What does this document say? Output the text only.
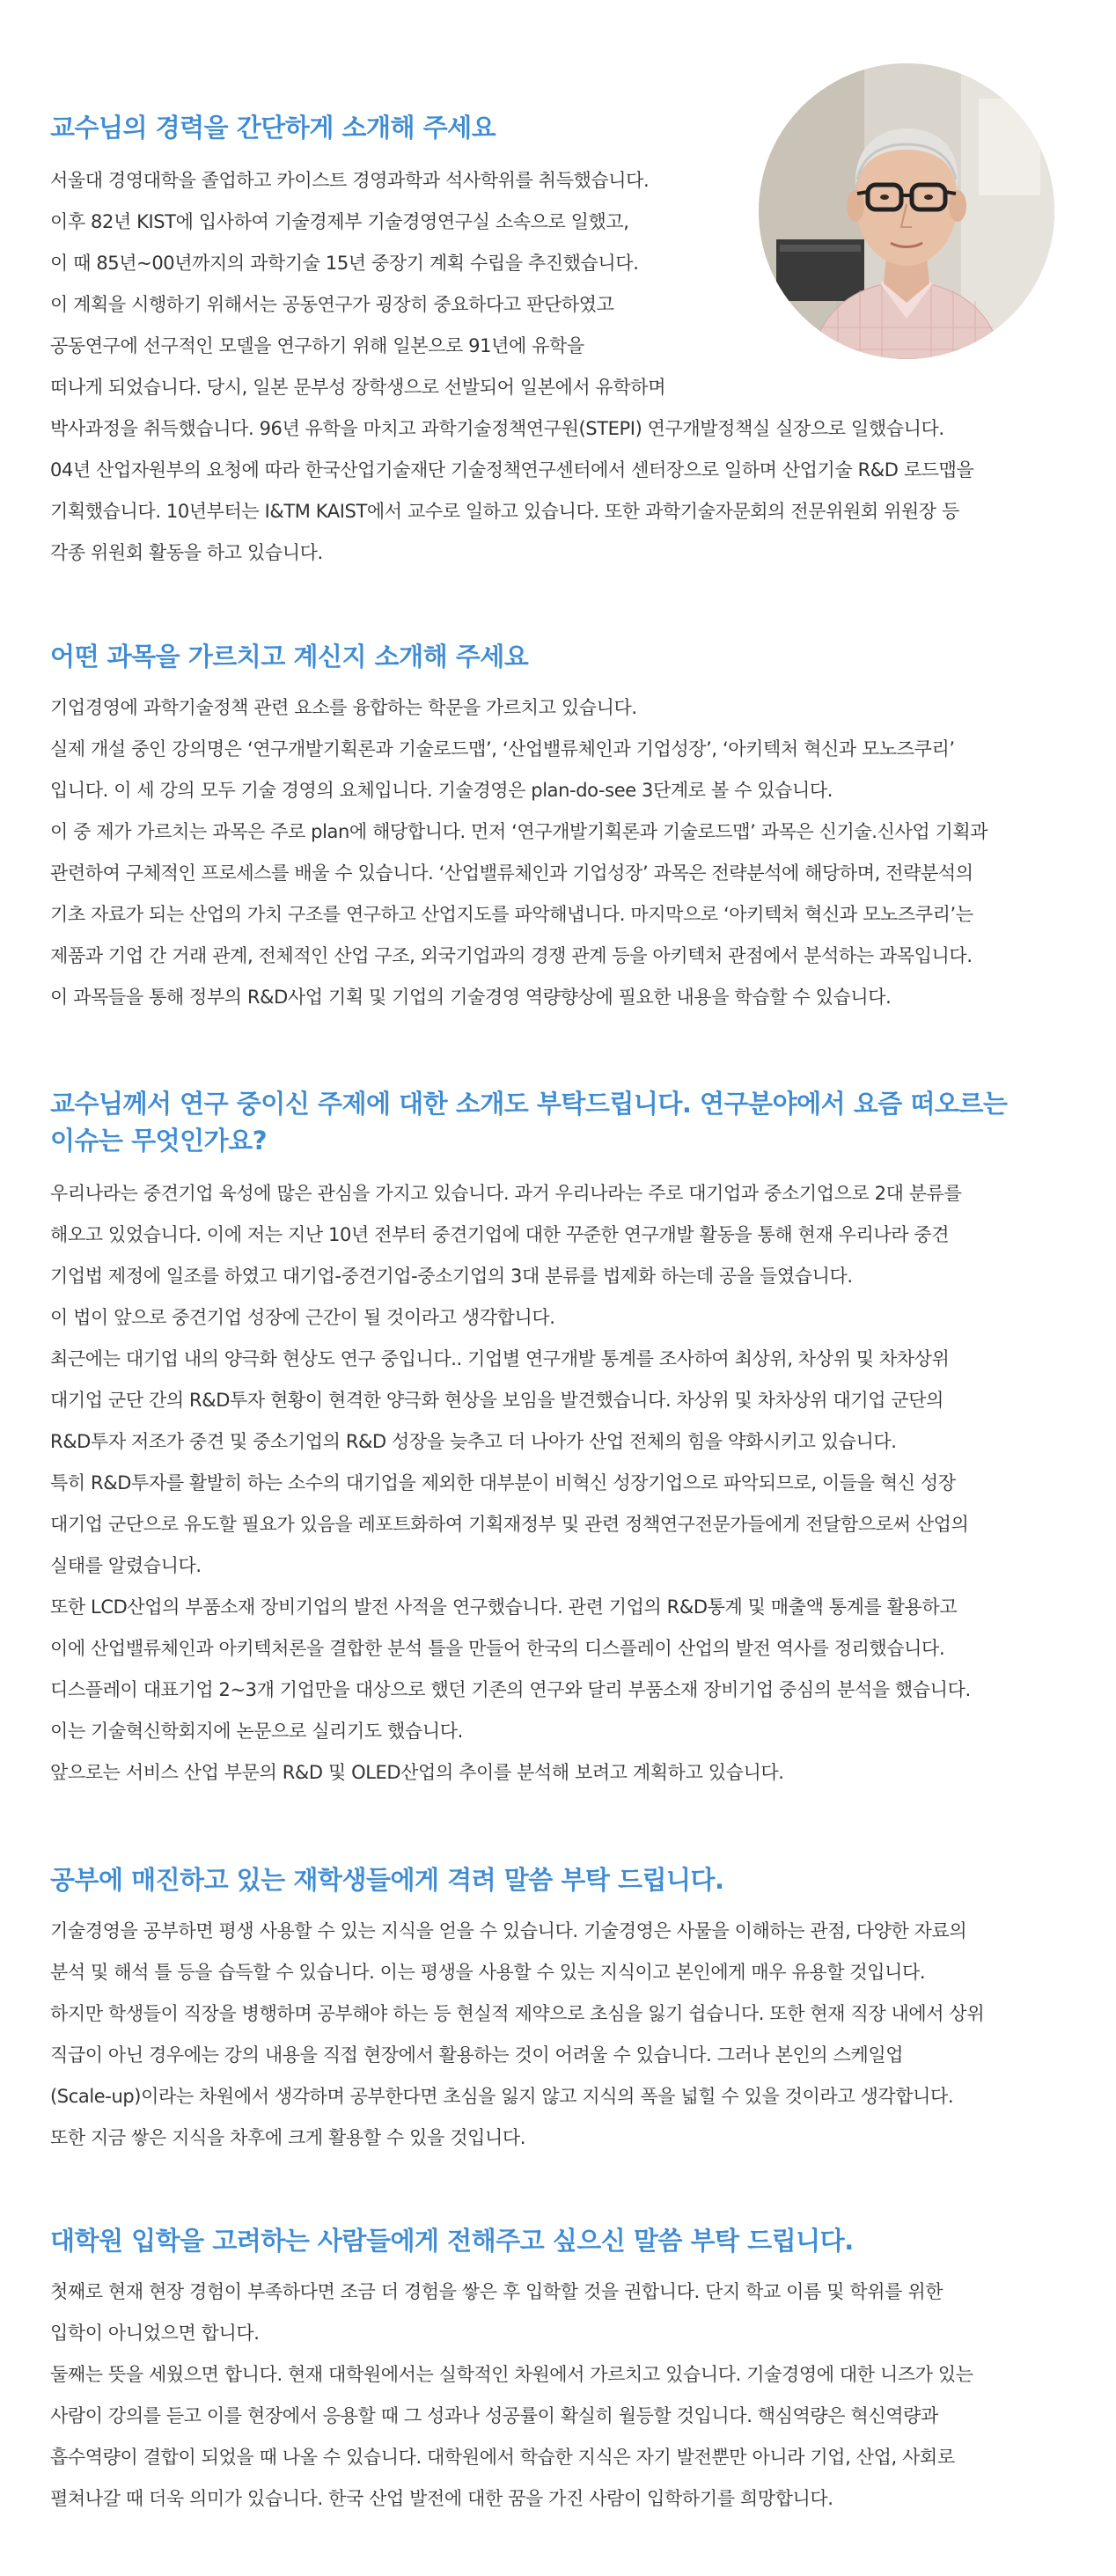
교수님의 경력을 간단하게 소개해 주세요

서울대 경영대학을 졸업하고 카이스트 경영과학과 석사학위를 취득했습니다.

이후 82년 KIST에 입사하여 기술경제부 기술경영연구실 소속으로 일했고,

이 때 85년~00년까지의 과학기술 15년 중장기 계획 수립을 추진했습니다.

이 계획을 시행하기 위해서는 공동연구가 굉장히 중요하다고 판단하였고

공동연구에 선구적인 모델을 연구하기 위해 일본으로 91년에 유학을

떠나게 되었습니다. 당시, 일본 문부성 장학생으로 선발되어 일본에서 유학하며

박사과정을 취득했습니다. 96년 유학을 마치고 과학기술정책연구원(STEPI) 연구개발정책실 실장으로 일했습니다.

04년 산업자원부의 요청에 따라 한국산업기술재단 기술정책연구센터에서 센터장으로 일하며 산업기술 R&D 로드맵을

기획했습니다. 10년부터는 I&TM KAIST에서 교수로 일하고 있습니다. 또한 과학기술자문회의 전문위원회 위원장 등

각종 위원회 활동을 하고 있습니다.

어떤 과목을 가르치고 계신지 소개해 주세요

기업경영에 과학기술정책 관련 요소를 융합하는 학문을 가르치고 있습니다.

실제 개설 중인 강의명은 ‘연구개발기획론과 기술로드맵’, ‘산업밸류체인과 기업성장’, ‘아키텍처 혁신과 모노즈쿠리’

입니다. 이 세 강의 모두 기술 경영의 요체입니다. 기술경영은 plan-do-see 3단계로 볼 수 있습니다.

이 중 제가 가르치는 과목은 주로 plan에 해당합니다. 먼저 ‘연구개발기획론과 기술로드맵’ 과목은 신기술.신사업 기획과

관련하여 구체적인 프로세스를 배울 수 있습니다. ‘산업밸류체인과 기업성장’ 과목은 전략분석에 해당하며, 전략분석의

기초 자료가 되는 산업의 가치 구조를 연구하고 산업지도를 파악해냅니다. 마지막으로 ‘아키텍처 혁신과 모노즈쿠리’는

제품과 기업 간 거래 관계, 전체적인 산업 구조, 외국기업과의 경쟁 관계 등을 아키텍처 관점에서 분석하는 과목입니다.

이 과목들을 통해 정부의 R&D사업 기획 및 기업의 기술경영 역량향상에 필요한 내용을 학습할 수 있습니다.

교수님께서 연구 중이신 주제에 대한 소개도 부탁드립니다. 연구분야에서 요즘 떠오르는
이슈는 무엇인가요?

우리나라는 중견기업 육성에 많은 관심을 가지고 있습니다. 과거 우리나라는 주로 대기업과 중소기업으로 2대 분류를

해오고 있었습니다. 이에 저는 지난 10년 전부터 중견기업에 대한 꾸준한 연구개발 활동을 통해 현재 우리나라 중견

기업법 제정에 일조를 하였고 대기업-중견기업-중소기업의 3대 분류를 법제화 하는데 공을 들였습니다.

이 법이 앞으로 중견기업 성장에 근간이 될 것이라고 생각합니다.

최근에는 대기업 내의 양극화 현상도 연구 중입니다.. 기업별 연구개발 통계를 조사하여 최상위, 차상위 및 차차상위

대기업 군단 간의 R&D투자 현황이 현격한 양극화 현상을 보임을 발견했습니다. 차상위 및 차차상위 대기업 군단의

R&D투자 저조가 중견 및 중소기업의 R&D 성장을 늦추고 더 나아가 산업 전체의 힘을 약화시키고 있습니다.

특히 R&D투자를 활발히 하는 소수의 대기업을 제외한 대부분이 비혁신 성장기업으로 파악되므로, 이들을 혁신 성장

대기업 군단으로 유도할 필요가 있음을 레포트화하여 기획재정부 및 관련 정책연구전문가들에게 전달함으로써 산업의

실태를 알렸습니다.

또한 LCD산업의 부품소재 장비기업의 발전 사적을 연구했습니다. 관련 기업의 R&D통계 및 매출액 통계를 활용하고

이에 산업밸류체인과 아키텍처론을 결합한 분석 틀을 만들어 한국의 디스플레이 산업의 발전 역사를 정리했습니다.

디스플레이 대표기업 2~3개 기업만을 대상으로 했던 기존의 연구와 달리 부품소재 장비기업 중심의 분석을 했습니다.

이는 기술혁신학회지에 논문으로 실리기도 했습니다.

앞으로는 서비스 산업 부문의 R&D 및 OLED산업의 추이를 분석해 보려고 계획하고 있습니다.

공부에 매진하고 있는 재학생들에게 격려 말씀 부탁 드립니다.

기술경영을 공부하면 평생 사용할 수 있는 지식을 얻을 수 있습니다. 기술경영은 사물을 이해하는 관점, 다양한 자료의

분석 및 해석 틀 등을 습득할 수 있습니다. 이는 평생을 사용할 수 있는 지식이고 본인에게 매우 유용할 것입니다.

하지만 학생들이 직장을 병행하며 공부해야 하는 등 현실적 제약으로 초심을 잃기 쉽습니다. 또한 현재 직장 내에서 상위

직급이 아닌 경우에는 강의 내용을 직접 현장에서 활용하는 것이 어려울 수 있습니다. 그러나 본인의 스케일업

(Scale-up)이라는 차원에서 생각하며 공부한다면 초심을 잃지 않고 지식의 폭을 넓힐 수 있을 것이라고 생각합니다.

또한 지금 쌓은 지식을 차후에 크게 활용할 수 있을 것입니다.

대학원 입학을 고려하는 사람들에게 전해주고 싶으신 말씀 부탁 드립니다.

첫째로 현재 현장 경험이 부족하다면 조금 더 경험을 쌓은 후 입학할 것을 권합니다. 단지 학교 이름 및 학위를 위한

입학이 아니었으면 합니다.

둘째는 뜻을 세웠으면 합니다. 현재 대학원에서는 실학적인 차원에서 가르치고 있습니다. 기술경영에 대한 니즈가 있는

사람이 강의를 듣고 이를 현장에서 응용할 때 그 성과나 성공률이 확실히 월등할 것입니다. 핵심역량은 혁신역량과

흡수역량이 결합이 되었을 때 나올 수 있습니다. 대학원에서 학습한 지식은 자기 발전뿐만 아니라 기업, 산업, 사회로

펼쳐나갈 때 더욱 의미가 있습니다. 한국 산업 발전에 대한 꿈을 가진 사람이 입학하기를 희망합니다.
